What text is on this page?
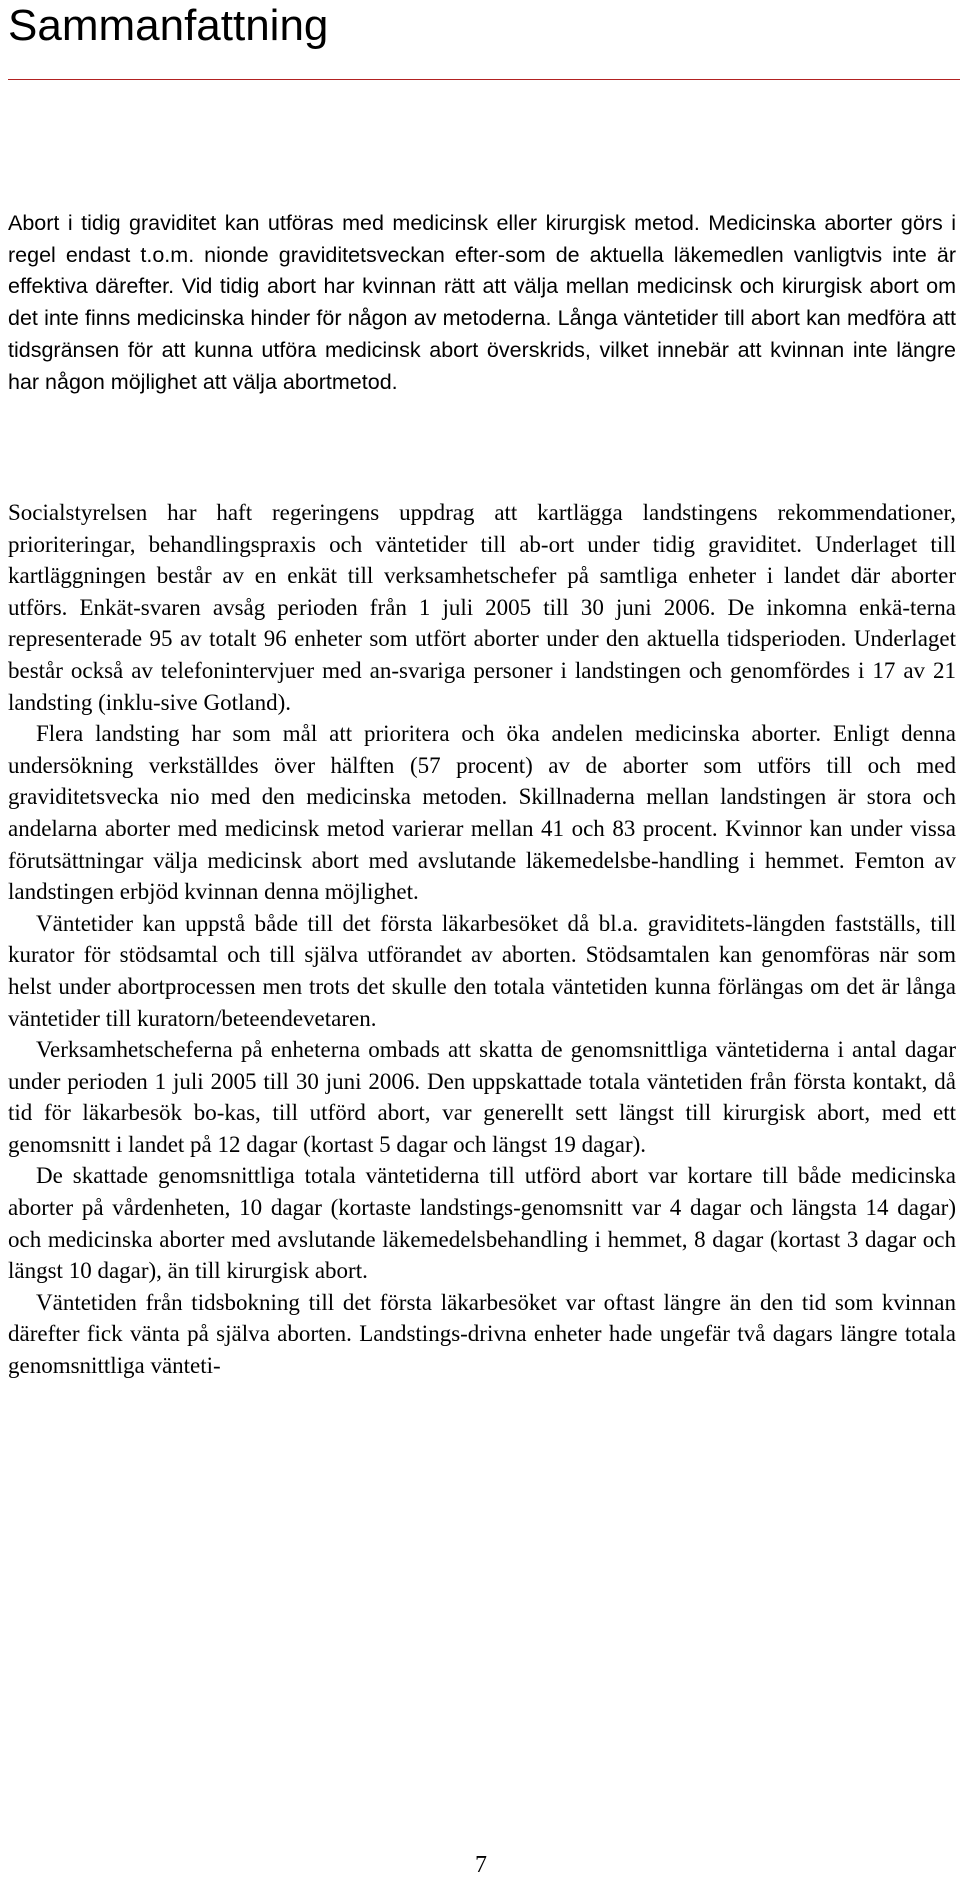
Sammanfattning

Abort i tidig graviditet kan utföras med medicinsk eller kirurgisk metod. Medicinska aborter görs i regel endast t.o.m. nionde graviditetsveckan efter-som de aktuella läkemedlen vanligtvis inte är effektiva därefter. Vid tidig abort har kvinnan rätt att välja mellan medicinsk och kirurgisk abort om det inte finns medicinska hinder för någon av metoderna. Långa väntetider till abort kan medföra att tidsgränsen för att kunna utföra medicinsk abort överskrids, vilket innebär att kvinnan inte längre har någon möjlighet att välja abortmetod.

Socialstyrelsen har haft regeringens uppdrag att kartlägga landstingens rekommendationer, prioriteringar, behandlingspraxis och väntetider till ab-ort under tidig graviditet. Underlaget till kartläggningen består av en enkät till verksamhetschefer på samtliga enheter i landet där aborter utförs. Enkät-svaren avsåg perioden från 1 juli 2005 till 30 juni 2006. De inkomna enkä-terna representerade 95 av totalt 96 enheter som utfört aborter under den aktuella tidsperioden. Underlaget består också av telefonintervjuer med an-svariga personer i landstingen och genomfördes i 17 av 21 landsting (inklu-sive Gotland).

Flera landsting har som mål att prioritera och öka andelen medicinska aborter. Enligt denna undersökning verkställdes över hälften (57 procent) av de aborter som utförs till och med graviditetsvecka nio med den medicinska metoden. Skillnaderna mellan landstingen är stora och andelarna aborter med medicinsk metod varierar mellan 41 och 83 procent. Kvinnor kan under vissa förutsättningar välja medicinsk abort med avslutande läkemedelsbe-handling i hemmet. Femton av landstingen erbjöd kvinnan denna möjlighet.

Väntetider kan uppstå både till det första läkarbesöket då bl.a. graviditets-längden fastställs, till kurator för stödsamtal och till själva utförandet av aborten. Stödsamtalen kan genomföras när som helst under abortprocessen men trots det skulle den totala väntetiden kunna förlängas om det är långa väntetider till kuratorn/beteendevetaren.

Verksamhetscheferna på enheterna ombads att skatta de genomsnittliga väntetiderna i antal dagar under perioden 1 juli 2005 till 30 juni 2006. Den uppskattade totala väntetiden från första kontakt, då tid för läkarbesök bo-kas, till utförd abort, var generellt sett längst till kirurgisk abort, med ett genomsnitt i landet på 12 dagar (kortast 5 dagar och längst 19 dagar).

De skattade genomsnittliga totala väntetiderna till utförd abort var kortare till både medicinska aborter på vårdenheten, 10 dagar (kortaste landstings-genomsnitt var 4 dagar och längsta 14 dagar) och medicinska aborter med avslutande läkemedelsbehandling i hemmet, 8 dagar (kortast 3 dagar och längst 10 dagar), än till kirurgisk abort.

Väntetiden från tidsbokning till det första läkarbesöket var oftast längre än den tid som kvinnan därefter fick vänta på själva aborten. Landstings-drivna enheter hade ungefär två dagars längre totala genomsnittliga vänteti-

7
